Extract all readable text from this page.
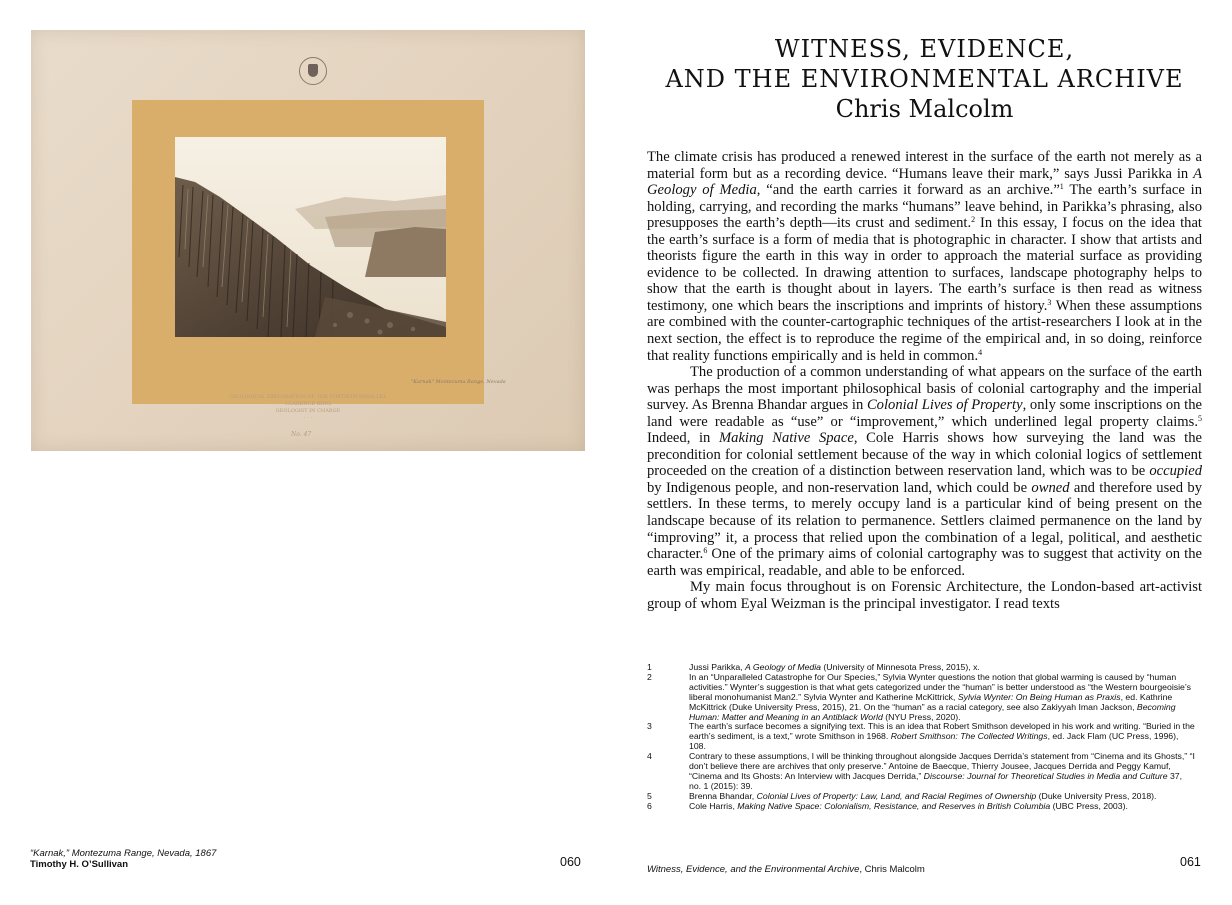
GEOLOGICAL EXPLORATION OF THE FORTIETH PARALLEL
CLARENCE KING
GEOLOGIST IN CHARGE
· · ·
"Karnak" Montezuma Range, Nevada
No. 47
“Karnak,” Montezuma Range, Nevada, 1867
Timothy H. O’Sullivan	060
WITNESS, EVIDENCE,
AND THE ENVIRONMENTAL ARCHIVE
Chris Malcolm

The climate crisis has produced a renewed interest in the surface of the earth not merely as a material form but as a recording device. “Humans leave their mark,” says Jussi Parikka in A Geology of Media, “and the earth carries it forward as an archive.”$^1$ The earth’s surface in holding, carrying, and recording the marks “humans” leave behind, in Parikka’s phrasing, also presupposes the earth’s depth—its crust and sediment.$^2$ In this essay, I focus on the idea that the earth’s surface is a form of media that is photographic in character. I show that artists and theorists figure the earth in this way in order to approach the material surface as providing evidence to be collected. In drawing attention to surfaces, landscape photography helps to show that the earth is thought about in layers. The earth’s surface is then read as witness testimony, one which bears the inscriptions and imprints of history.$^3$ When these assumptions are combined with the counter-cartographic techniques of the artist-researchers I look at in the next section, the effect is to reproduce the regime of the empirical and, in so doing, reinforce that reality functions empirically and is held in common.$^4$

The production of a common understanding of what appears on the surface of the earth was perhaps the most important philosophical basis of colonial cartography and the imperial survey. As Brenna Bhandar argues in Colonial Lives of Property, only some inscriptions on the land were readable as “use” or “improvement,” which underlined legal property claims.$^5$ Indeed, in Making Native Space, Cole Harris shows how surveying the land was the precondition for colonial settlement because of the way in which colonial logics of settlement proceeded on the creation of a distinction between reservation land, which was to be occupied by Indigenous people, and non-reservation land, which could be owned and therefore used by settlers. In these terms, to merely occupy land is a particular kind of being present on the landscape because of its relation to permanence. Settlers claimed permanence on the land by “improving” it, a process that relied upon the combination of a legal, political, and aesthetic character.$^6$ One of the primary aims of colonial cartography was to suggest that activity on the earth was empirical, readable, and able to be enforced.

My main focus throughout is on Forensic Architecture, the London-based art-activist group of whom Eyal Weizman is the principal investigator. I read texts

1	Jussi Parikka, A Geology of Media (University of Minnesota Press, 2015), x.
2	In an “Unparalleled Catastrophe for Our Species,” Sylvia Wynter questions the notion that global warming is caused by “human activities.” Wynter’s suggestion is that what gets categorized under the “human” is better understood as “the Western bourgeoisie’s liberal monohumanist Man2.” Sylvia Wynter and Katherine McKittrick, Sylvia Wynter: On Being Human as Praxis, ed. Kathrine McKittrick (Duke University Press, 2015), 21. On the “human” as a racial category, see also Zakiyyah Iman Jackson, Becoming Human: Matter and Meaning in an Antiblack World (NYU Press, 2020).
3	The earth’s surface becomes a signifying text. This is an idea that Robert Smithson developed in his work and writing. “Buried in the earth’s sediment, is a text,” wrote Smithson in 1968. Robert Smithson: The Collected Writings, ed. Jack Flam (UC Press, 1996), 108.
4	Contrary to these assumptions, I will be thinking throughout alongside Jacques Derrida’s statement from “Cinema and its Ghosts,” “I don’t believe there are archives that only preserve.” Antoine de Baecque, Thierry Jousee, Jacques Derrida and Peggy Kamuf, “Cinema and Its Ghosts: An Interview with Jacques Derrida,” Discourse: Journal for Theoretical Studies in Media and Culture 37, no. 1 (2015): 39.
5	Brenna Bhandar, Colonial Lives of Property: Law, Land, and Racial Regimes of Ownership (Duke University Press, 2018).
6	Cole Harris, Making Native Space: Colonialism, Resistance, and Reserves in British Columbia (UBC Press, 2003).
Witness, Evidence, and the Environmental Archive, Chris Malcolm
061
